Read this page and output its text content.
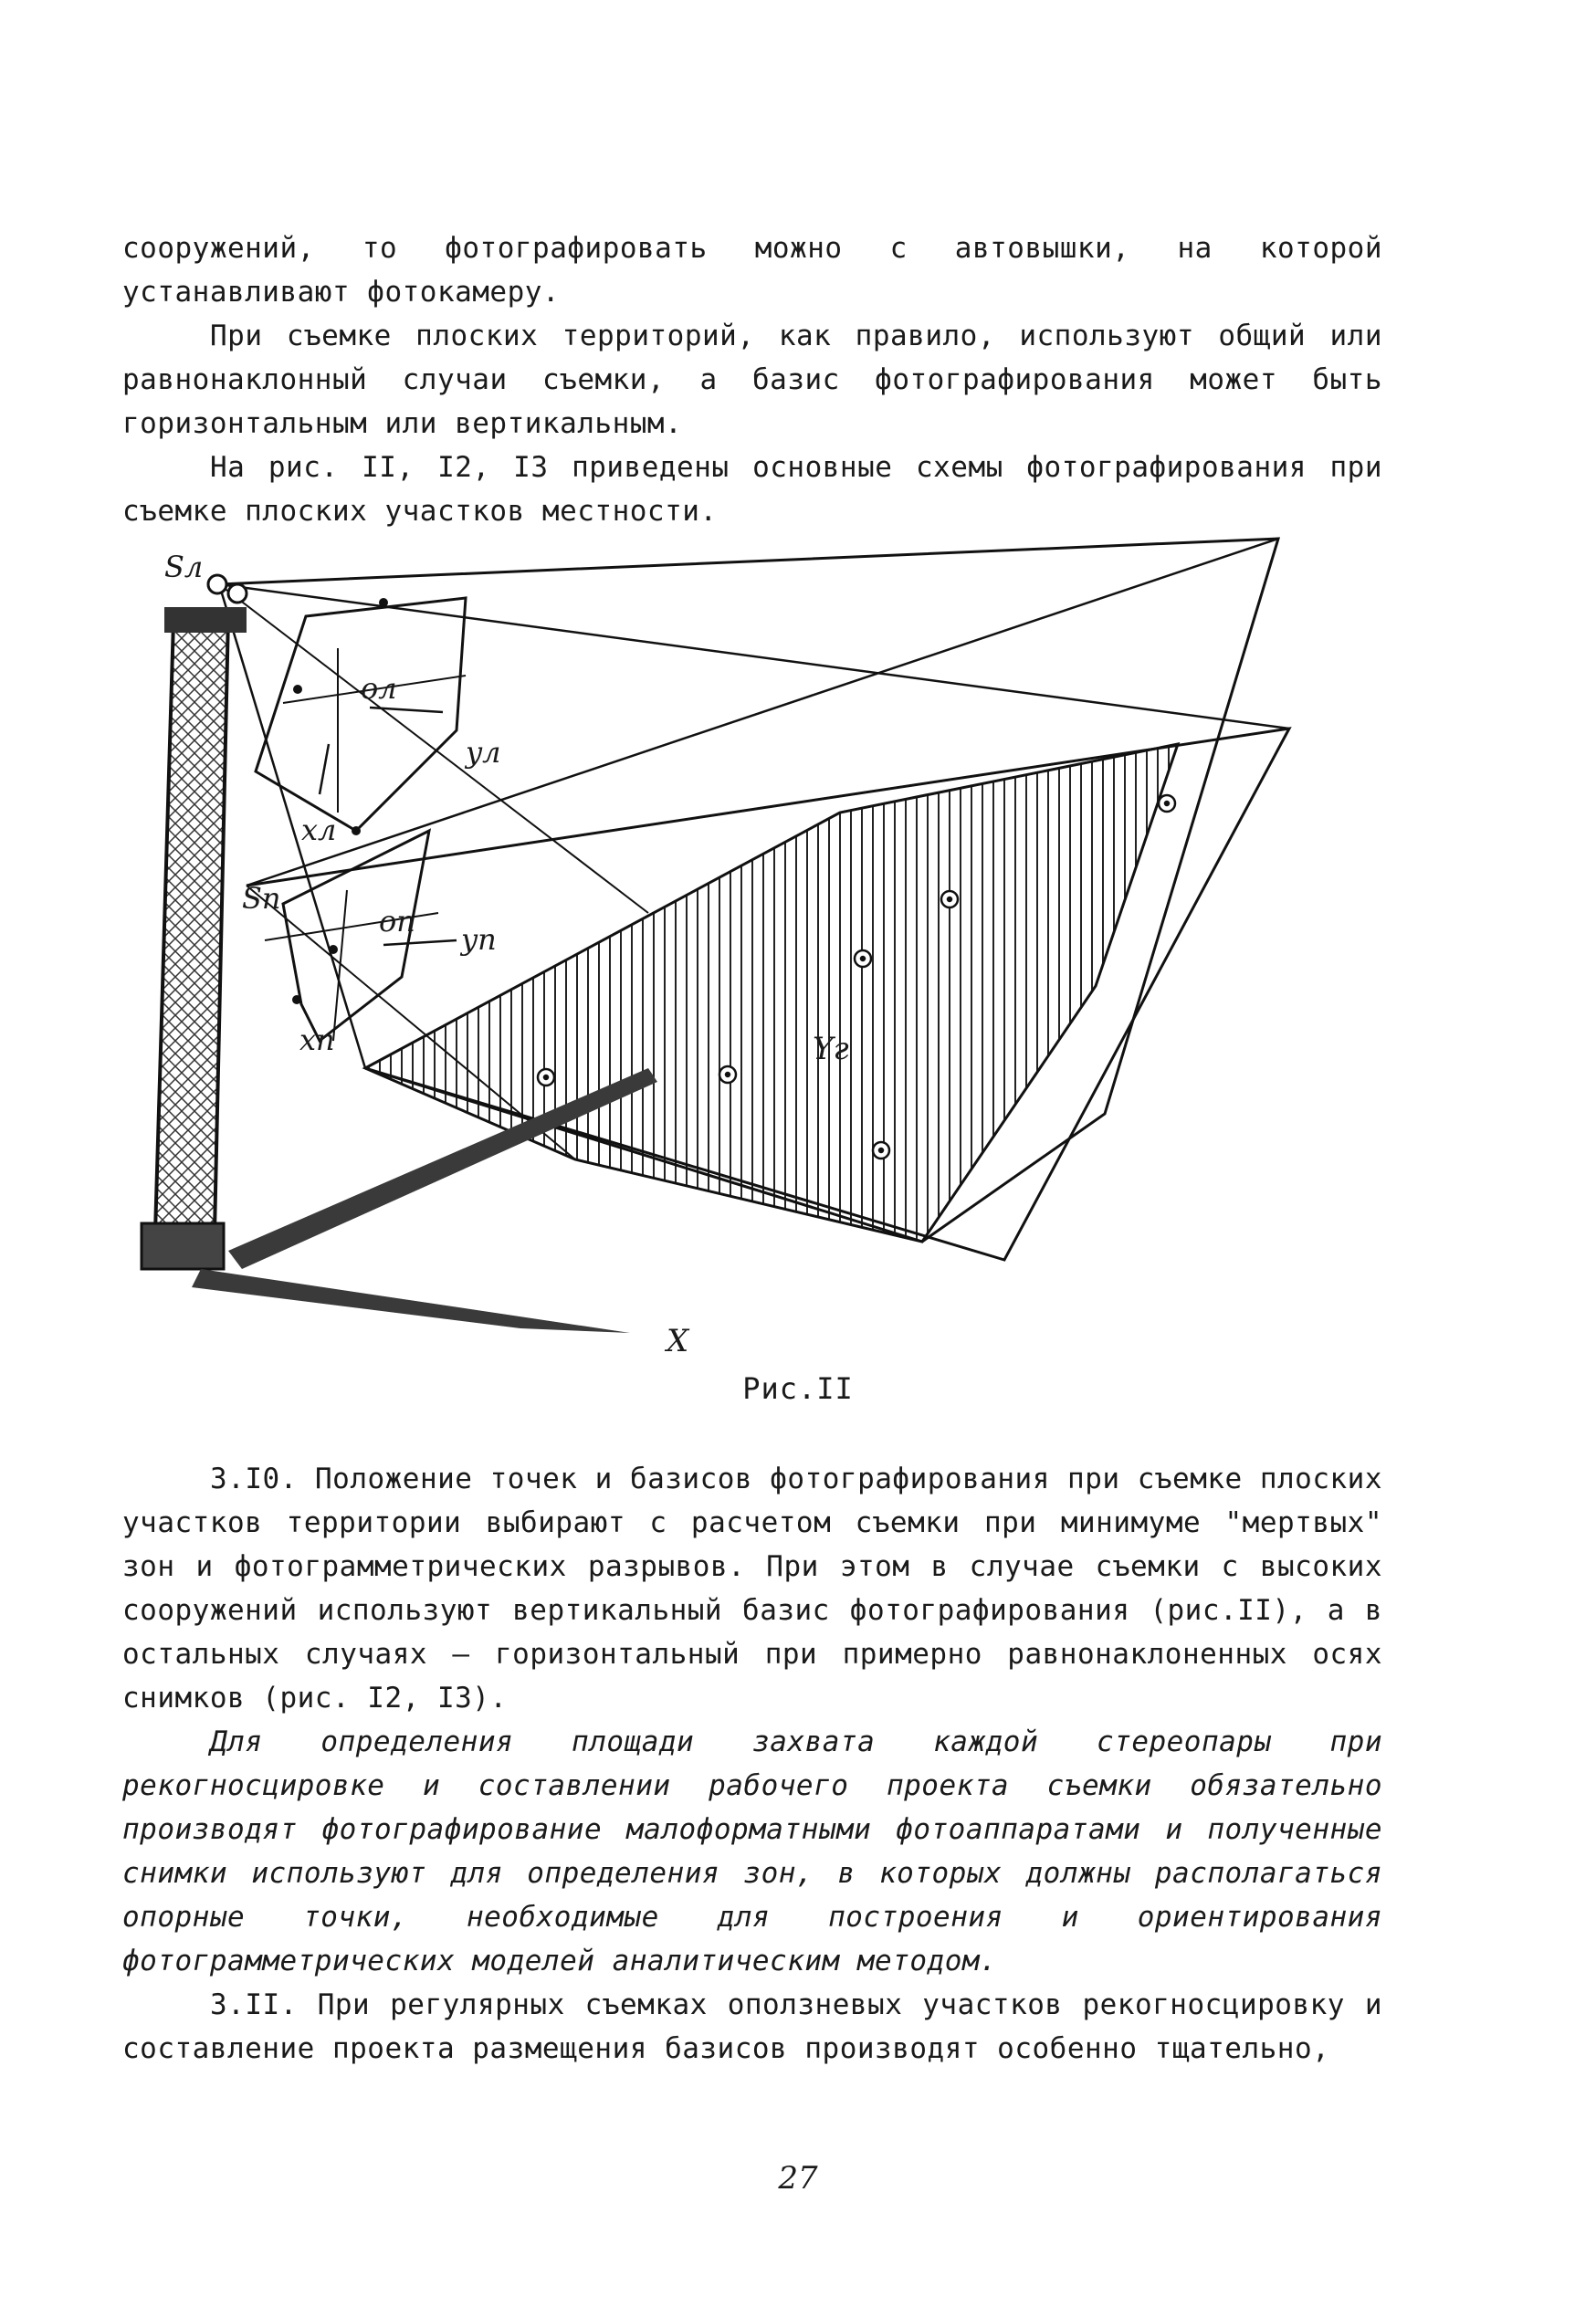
сооружений, то фотографировать можно с автовышки, на которой устанавливают фотокамеру.

При съемке плоских территорий, как правило, используют общий или равнонаклонный случаи съемки, а базис фотографирования может быть горизонтальным или вертикальным.

На рис. II, I2, I3 приведены основные схемы фотографирования при съемке плоских участков местности.

Sл
oл
yл
xл
Sп
oп
yп
xп	Yг
X
Рис.II

3.I0. Положение точек и базисов фотографирования при съемке плоских участков территории выбирают с расчетом съемки при минимуме "мертвых" зон и фотограмметрических разрывов. При этом в случае съемки с высоких сооружений используют вертикальный базис фотографирования (рис.II), а в остальных случаях – горизонтальный при примерно равнонаклоненных осях снимков (рис. I2, I3).

Для определения площади захвата каждой стереопары при рекогносцировке и составлении рабочего проекта съемки обязательно производят фотографирование малоформатными фотоаппаратами и полученные снимки используют для определения зон, в которых должны располагаться опорные точки, необходимые для построения и ориентирования фотограмметрических моделей аналитическим методом.

3.II. При регулярных съемках оползневых участков рекогносцировку и составление проекта размещения базисов производят особенно тщательно,

27
